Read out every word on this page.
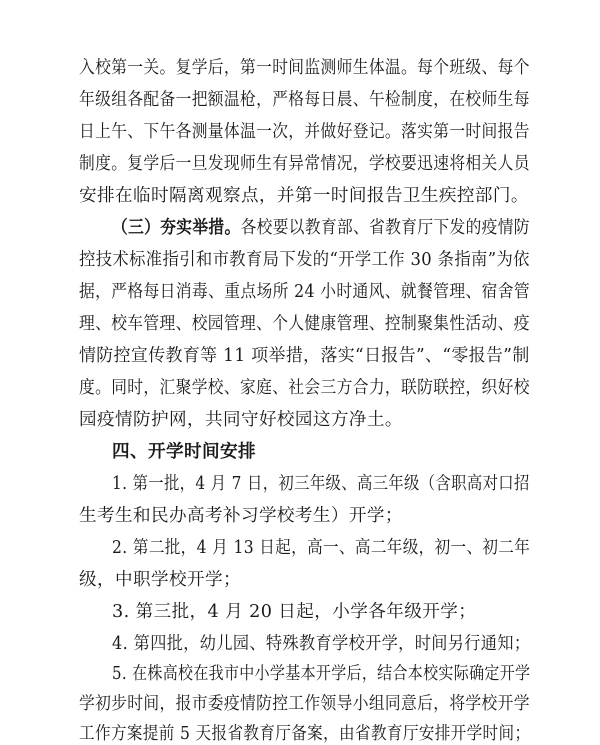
入校第一关。复学后，第一时间监测师生体温。每个班级、每个
年级组各配备一把额温枪，严格每日晨、午检制度，在校师生每
日上午、下午各测量体温一次，并做好登记。落实第一时间报告
制度。复学后一旦发现师生有异常情况，学校要迅速将相关人员
安排在临时隔离观察点，并第一时间报告卫生疾控部门。
（三）夯实举措。各校要以教育部、省教育厅下发的疫情防
控技术标准指引和市教育局下发的“开学工作 30 条指南”为依
据，严格每日消毒、重点场所 24 小时通风、就餐管理、宿舍管
理、校车管理、校园管理、个人健康管理、控制聚集性活动、疫
情防控宣传教育等 11 项举措，落实“日报告”、“零报告”制
度。同时，汇聚学校、家庭、社会三方合力，联防联控，织好校
园疫情防护网，共同守好校园这方净土。
四、开学时间安排
1. 第一批，4 月 7 日，初三年级、高三年级（含职高对口招
生考生和民办高考补习学校考生）开学；
2. 第二批，4 月 13 日起，高一、高二年级，初一、初二年
级，中职学校开学；
3. 第三批，4 月 20 日起，小学各年级开学；
4. 第四批，幼儿园、特殊教育学校开学，时间另行通知；
5. 在株高校在我市中小学基本开学后，结合本校实际确定开学
学初步时间，报市委疫情防控工作领导小组同意后，将学校开学
工作方案提前 5 天报省教育厅备案，由省教育厅安排开学时间；
